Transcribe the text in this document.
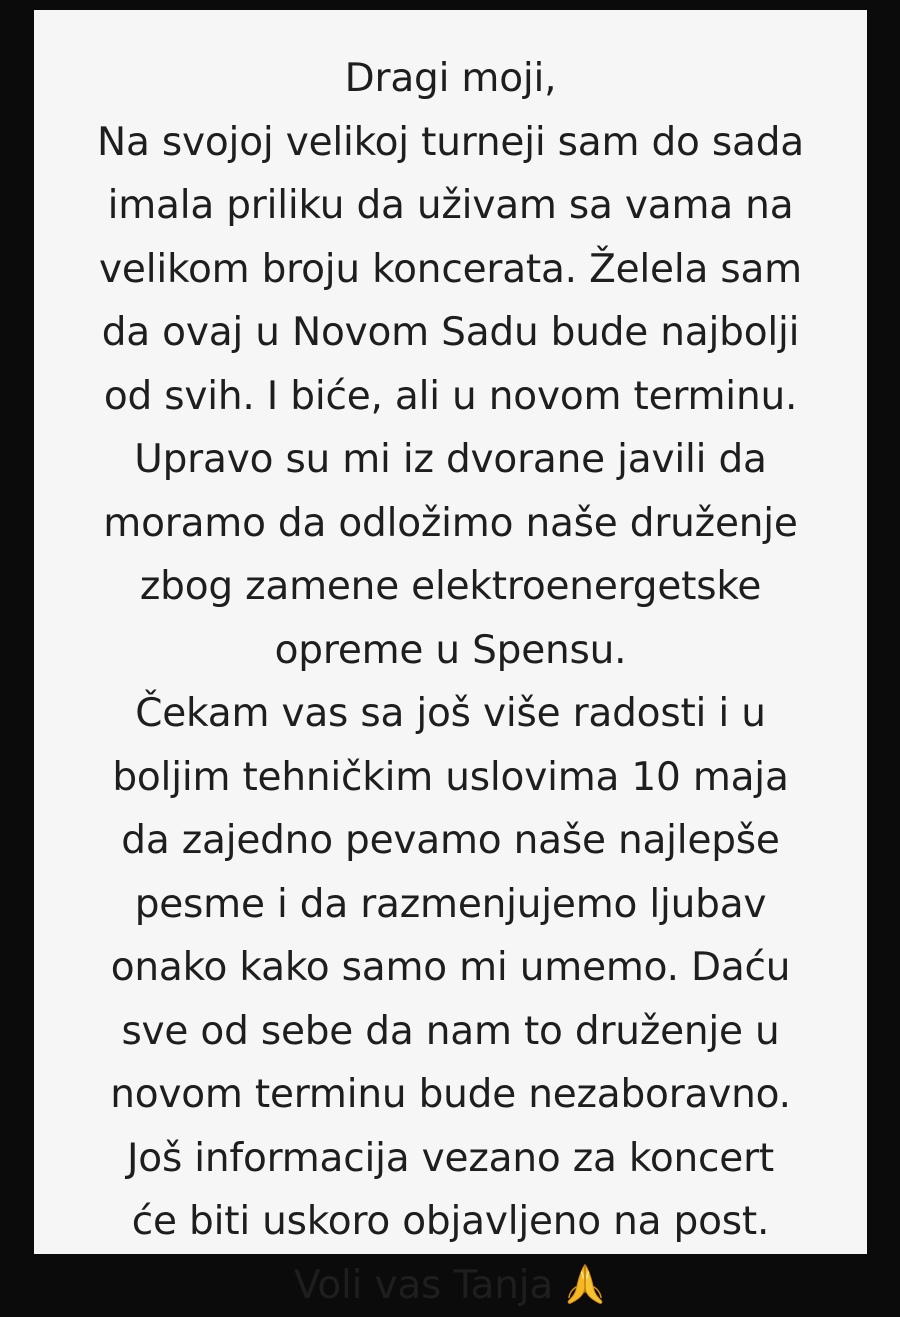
Dragi moji,
Na svojoj velikoj turneji sam do sada
imala priliku da uživam sa vama na
velikom broju koncerata. Želela sam
da ovaj u Novom Sadu bude najbolji
od svih. I biće, ali u novom terminu.
Upravo su mi iz dvorane javili da
moramo da odložimo naše druženje
zbog zamene elektroenergetske
opreme u Spensu.
Čekam vas sa još više radosti i u
boljim tehničkim uslovima 10 maja
da zajedno pevamo naše najlepše
pesme i da razmenjujemo ljubav
onako kako samo mi umemo. Daću
sve od sebe da nam to druženje u
novom terminu bude nezaboravno.
Još informacija vezano za koncert
će biti uskoro objavljeno na post.
Voli vas Tanja
